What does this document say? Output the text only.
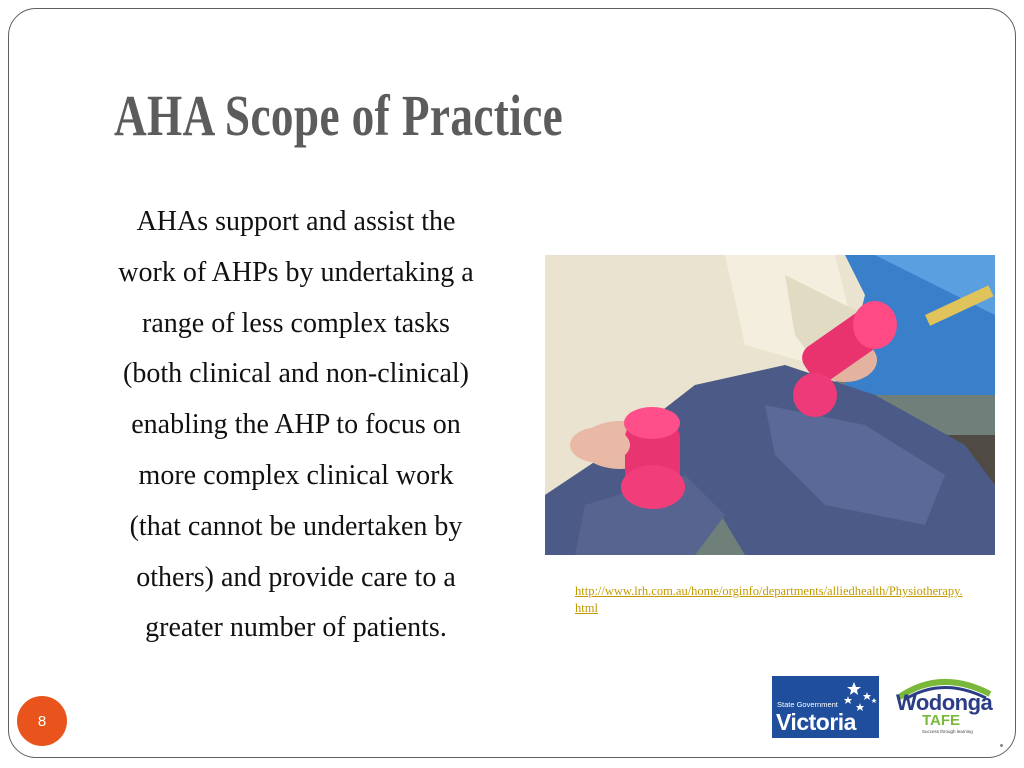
AHA Scope of Practice
AHAs support and assist the
work of AHPs by undertaking a
range of less complex tasks
(both clinical and non-clinical)
enabling the AHP to focus on
more complex clinical work
(that cannot be undertaken by
others) and provide care to a
greater number of patients.
http://www.lrh.com.au/home/orginfo/departments/alliedhealth/Physiotherapy.html
State Government
Victoria
Wodonga
TAFE
Success through learning
8
